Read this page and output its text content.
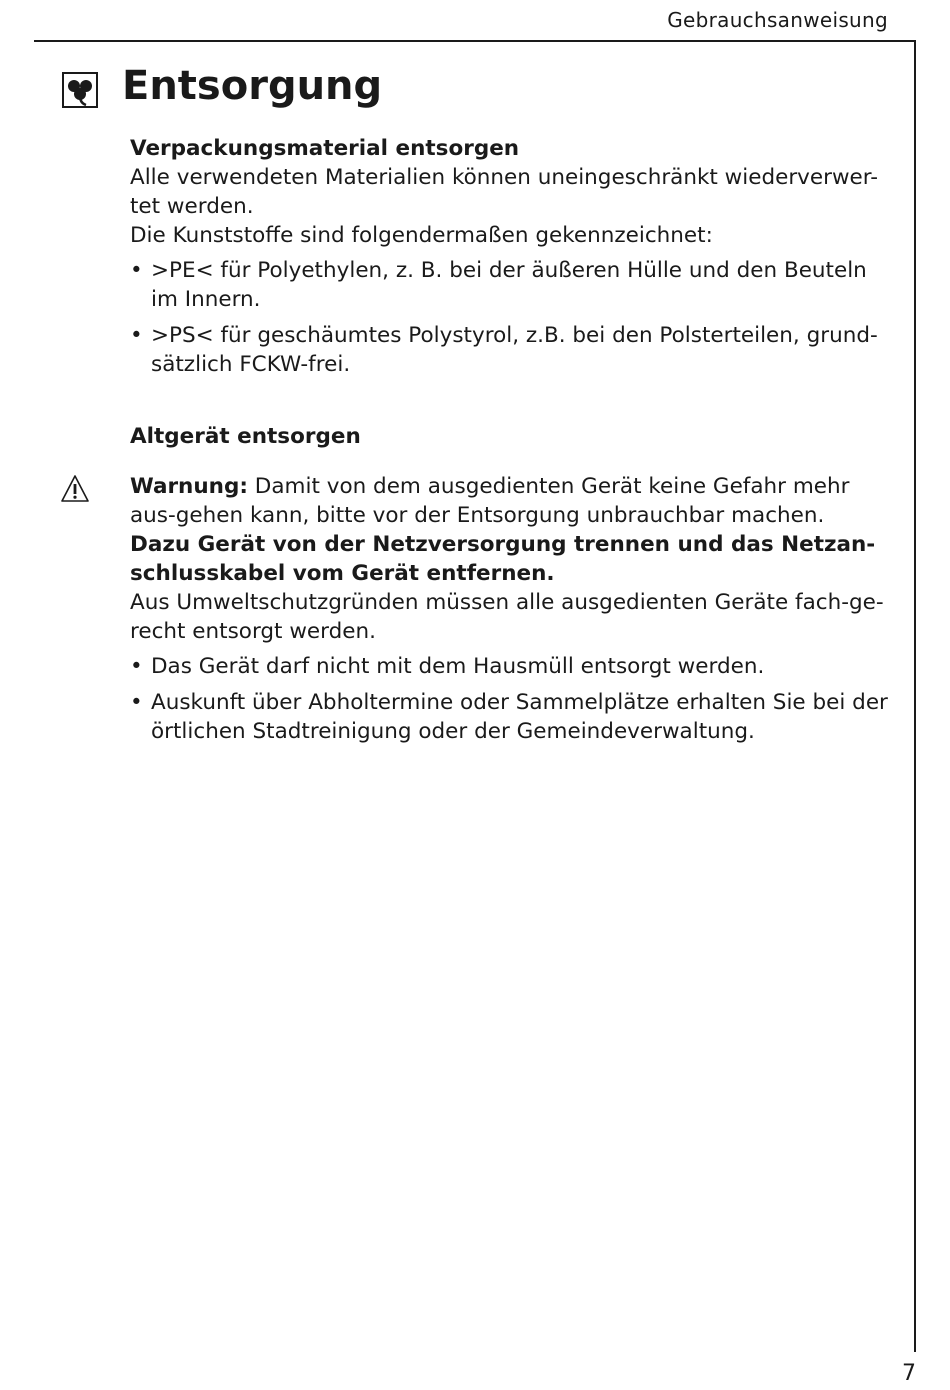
Gebrauchsanweisung
Entsorgung
Verpackungsmaterial entsorgen

Alle verwendeten Materialien können uneingeschränkt wiederverwer-tet werden.

Die Kunststoffe sind folgendermaßen gekennzeichnet:

• >PE< für Polyethylen, z. B. bei der äußeren Hülle und den Beuteln im Innern.
• >PS< für geschäumtes Polystyrol, z.B. bei den Polsterteilen, grund-sätzlich FCKW-frei.
Altgerät entsorgen

Warnung: Damit von dem ausgedienten Gerät keine Gefahr mehr aus-gehen kann, bitte vor der Entsorgung unbrauchbar machen.

Dazu Gerät von der Netzversorgung trennen und das Netzan-schlusskabel vom Gerät entfernen.

Aus Umweltschutzgründen müssen alle ausgedienten Geräte fach-ge-recht entsorgt werden.

• Das Gerät darf nicht mit dem Hausmüll entsorgt werden.
• Auskunft über Abholtermine oder Sammelplätze erhalten Sie bei der örtlichen Stadtreinigung oder der Gemeindeverwaltung.
7
